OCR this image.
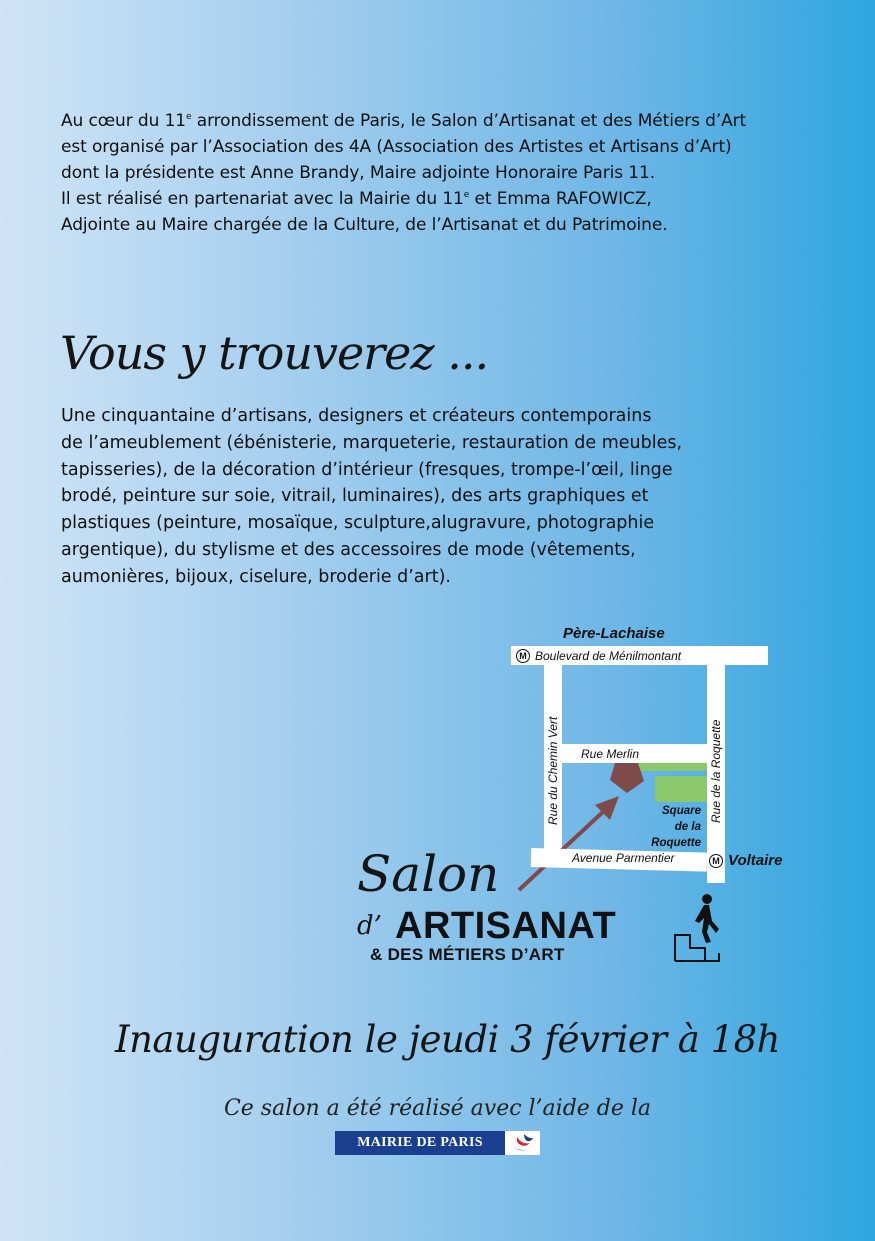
Au cœur du 11e arrondissement de Paris, le Salon d’Artisanat et des Métiers d’Art

est organisé par l’Association des 4A (Association des Artistes et Artisans d’Art)

dont la présidente est Anne Brandy, Maire adjointe Honoraire Paris 11.

Il est réalisé en partenariat avec la Mairie du 11e et Emma RAFOWICZ,

Adjointe au Maire chargée de la Culture, de l’Artisanat et du Patrimoine.

Vous y trouverez ...

Une cinquantaine d’artisans, designers et créateurs contemporains

de l’ameublement (ébénisterie, marqueterie, restauration de meubles,

tapisseries), de la décoration d’intérieur (fresques, trompe-l’œil, linge

brodé, peinture sur soie, vitrail, luminaires), des arts graphiques et

plastiques (peinture, mosaïque, sculpture,alugravure, photographie

argentique), du stylisme et des accessoires de mode (vêtements,

aumonières, bijoux, ciselure, broderie d’art).

Père-Lachaise
M Boulevard de Ménilmontant
Rue du Chemin Vert	Rue de la Roquette
Rue Merlin
Square
de la
Roquette
Avenue Parmentier	M Voltaire
Salon
d’ ARTISANAT
& DES MÉTIERS D’ART
Inauguration le jeudi 3 février à 18h
Ce salon a été réalisé avec l’aide de la
MAIRIE DE PARIS
